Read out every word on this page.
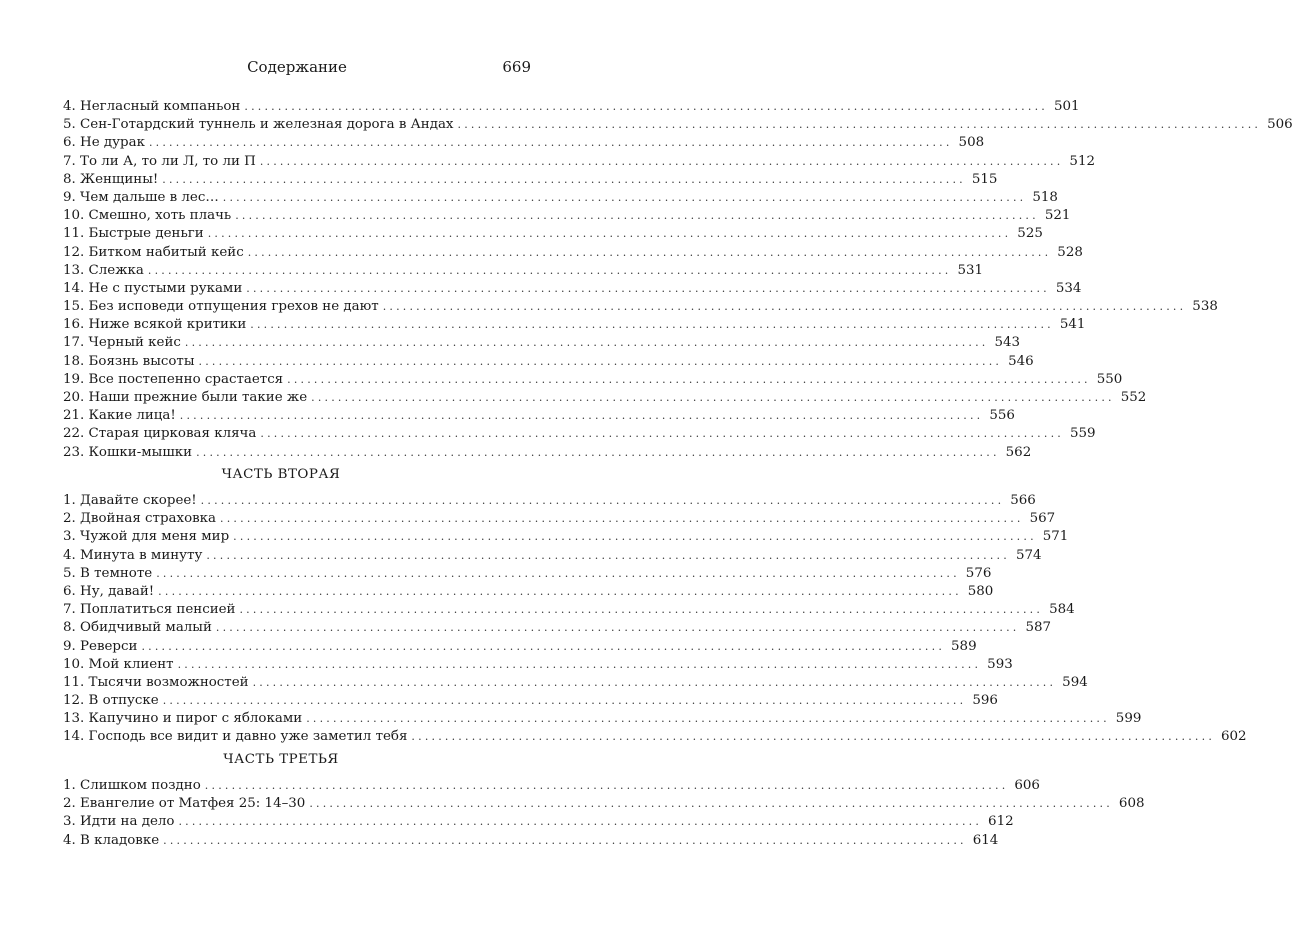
Содержание	669
4. Негласный компаньон ........................................................................................................................ 501
5. Сен-Готардский туннель и железная дорога в Андах ........................................................................................................................ 506
6. Не дурак ........................................................................................................................ 508
7. То ли А, то ли Л, то ли П ........................................................................................................................ 512
8. Женщины! ........................................................................................................................ 515
9. Чем дальше в лес… ........................................................................................................................ 518
10. Смешно, хоть плачь ........................................................................................................................ 521
11. Быстрые деньги ........................................................................................................................ 525
12. Битком набитый кейс ........................................................................................................................ 528
13. Слежка ........................................................................................................................ 531
14. Не с пустыми руками ........................................................................................................................ 534
15. Без исповеди отпущения грехов не дают ........................................................................................................................ 538
16. Ниже всякой критики ........................................................................................................................ 541
17. Черный кейс ........................................................................................................................ 543
18. Боязнь высоты ........................................................................................................................ 546
19. Все постепенно срастается ........................................................................................................................ 550
20. Наши прежние были такие же ........................................................................................................................ 552
21. Какие лица! ........................................................................................................................ 556
22. Старая цирковая кляча ........................................................................................................................ 559
23. Кошки-мышки ........................................................................................................................ 562
ЧАСТЬ ВТОРАЯ
1. Давайте скорее! ........................................................................................................................ 566
2. Двойная страховка ........................................................................................................................ 567
3. Чужой для меня мир ........................................................................................................................ 571
4. Минута в минуту ........................................................................................................................ 574
5. В темноте ........................................................................................................................ 576
6. Ну, давай! ........................................................................................................................ 580
7. Поплатиться пенсией ........................................................................................................................ 584
8. Обидчивый малый ........................................................................................................................ 587
9. Реверси ........................................................................................................................ 589
10. Мой клиент ........................................................................................................................ 593
11. Тысячи возможностей ........................................................................................................................ 594
12. В отпуске ........................................................................................................................ 596
13. Капучино и пирог с яблоками ........................................................................................................................ 599
14. Господь все видит и давно уже заметил тебя ........................................................................................................................ 602
ЧАСТЬ ТРЕТЬЯ
1. Слишком поздно ........................................................................................................................ 606
2. Евангелие от Матфея 25: 14–30 ........................................................................................................................ 608
3. Идти на дело ........................................................................................................................ 612
4. В кладовке ........................................................................................................................ 614
